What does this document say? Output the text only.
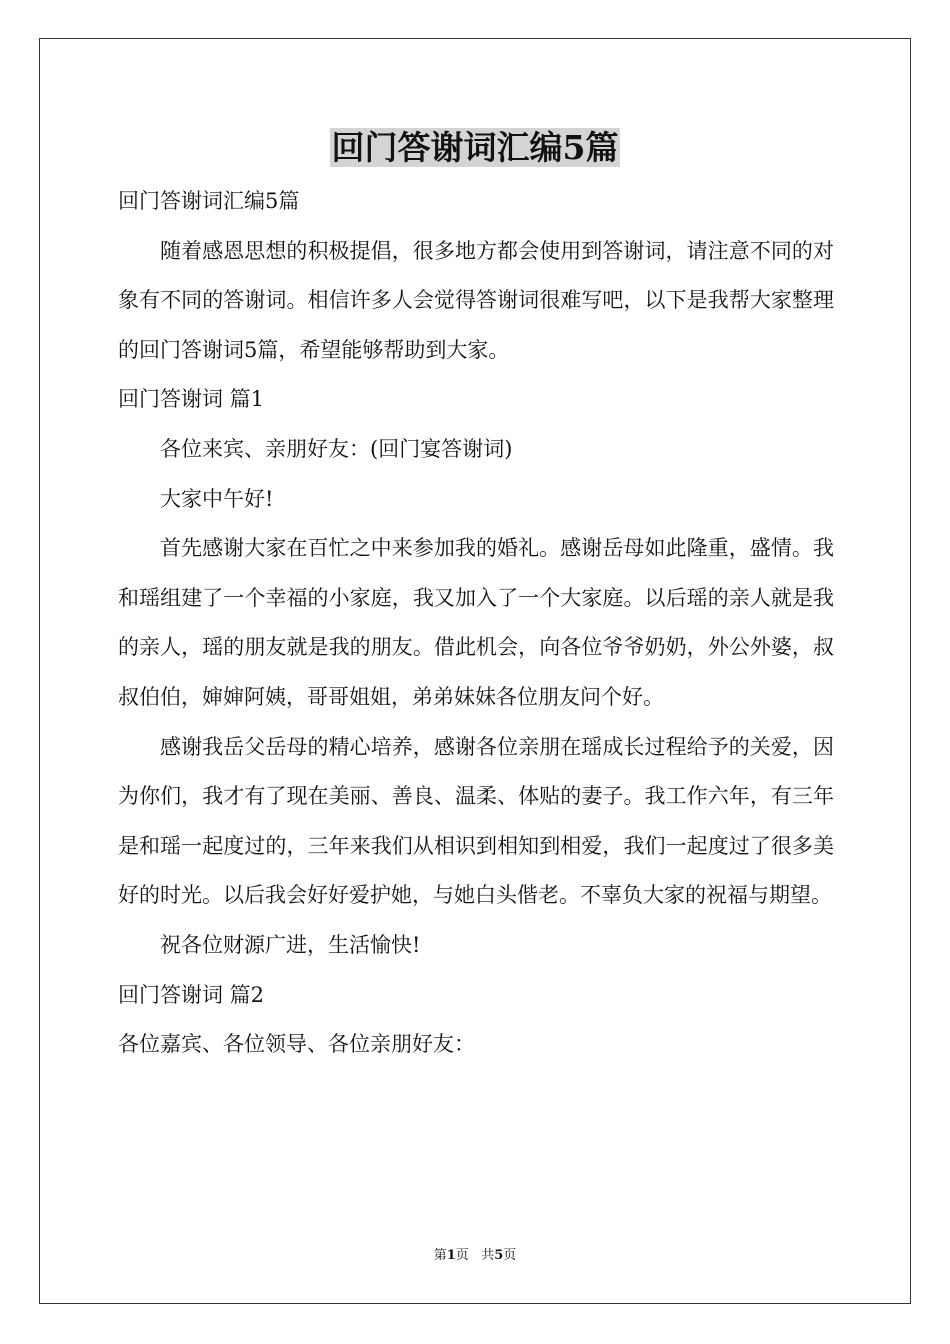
回门答谢词汇编5篇

回门答谢词汇编5篇

随着感恩思想的积极提倡，很多地方都会使用到答谢词，请注意不同的对象有不同的答谢词。相信许多人会觉得答谢词很难写吧，以下是我帮大家整理的回门答谢词5篇，希望能够帮助到大家。

回门答谢词 篇1

各位来宾、亲朋好友：(回门宴答谢词)

大家中午好!

首先感谢大家在百忙之中来参加我的婚礼。感谢岳母如此隆重，盛情。我和瑶组建了一个幸福的小家庭，我又加入了一个大家庭。以后瑶的亲人就是我的亲人，瑶的朋友就是我的朋友。借此机会，向各位爷爷奶奶，外公外婆，叔叔伯伯，婶婶阿姨，哥哥姐姐，弟弟妹妹各位朋友问个好。

感谢我岳父岳母的精心培养，感谢各位亲朋在瑶成长过程给予的关爱，因为你们，我才有了现在美丽、善良、温柔、体贴的妻子。我工作六年，有三年是和瑶一起度过的，三年来我们从相识到相知到相爱，我们一起度过了很多美好的时光。以后我会好好爱护她，与她白头偕老。不辜负大家的祝福与期望。

祝各位财源广进，生活愉快!

回门答谢词 篇2

各位嘉宾、各位领导、各位亲朋好友：

第1页   共5页
